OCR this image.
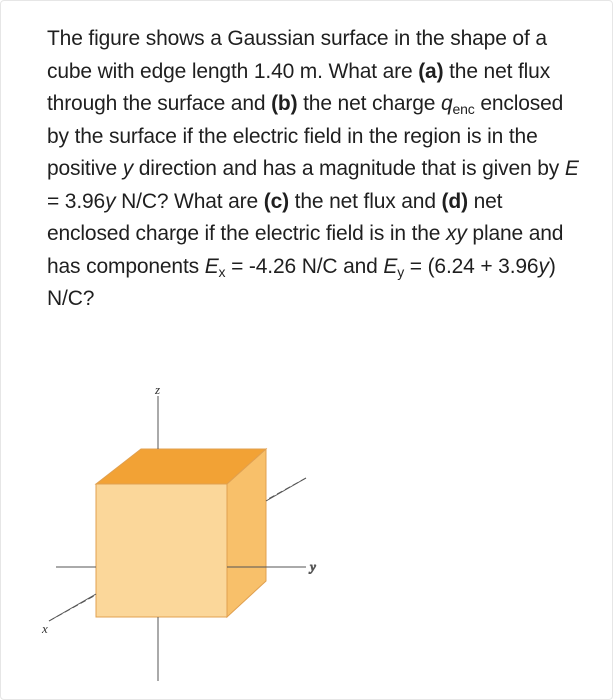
The figure shows a Gaussian surface in the shape of a cube with edge length 1.40 m. What are (a) the net flux through the surface and (b) the net charge $q_{enc}$ enclosed by the surface if the electric field in the region is in the positive y direction and has a magnitude that is given by E = 3.96y N/C? What are (c) the net flux and (d) net enclosed charge if the electric field is in the xy plane and has components $E_x = -4.26$ N/C and $E_y = (6.24 + 3.96y)$ N/C?

z
y
x
